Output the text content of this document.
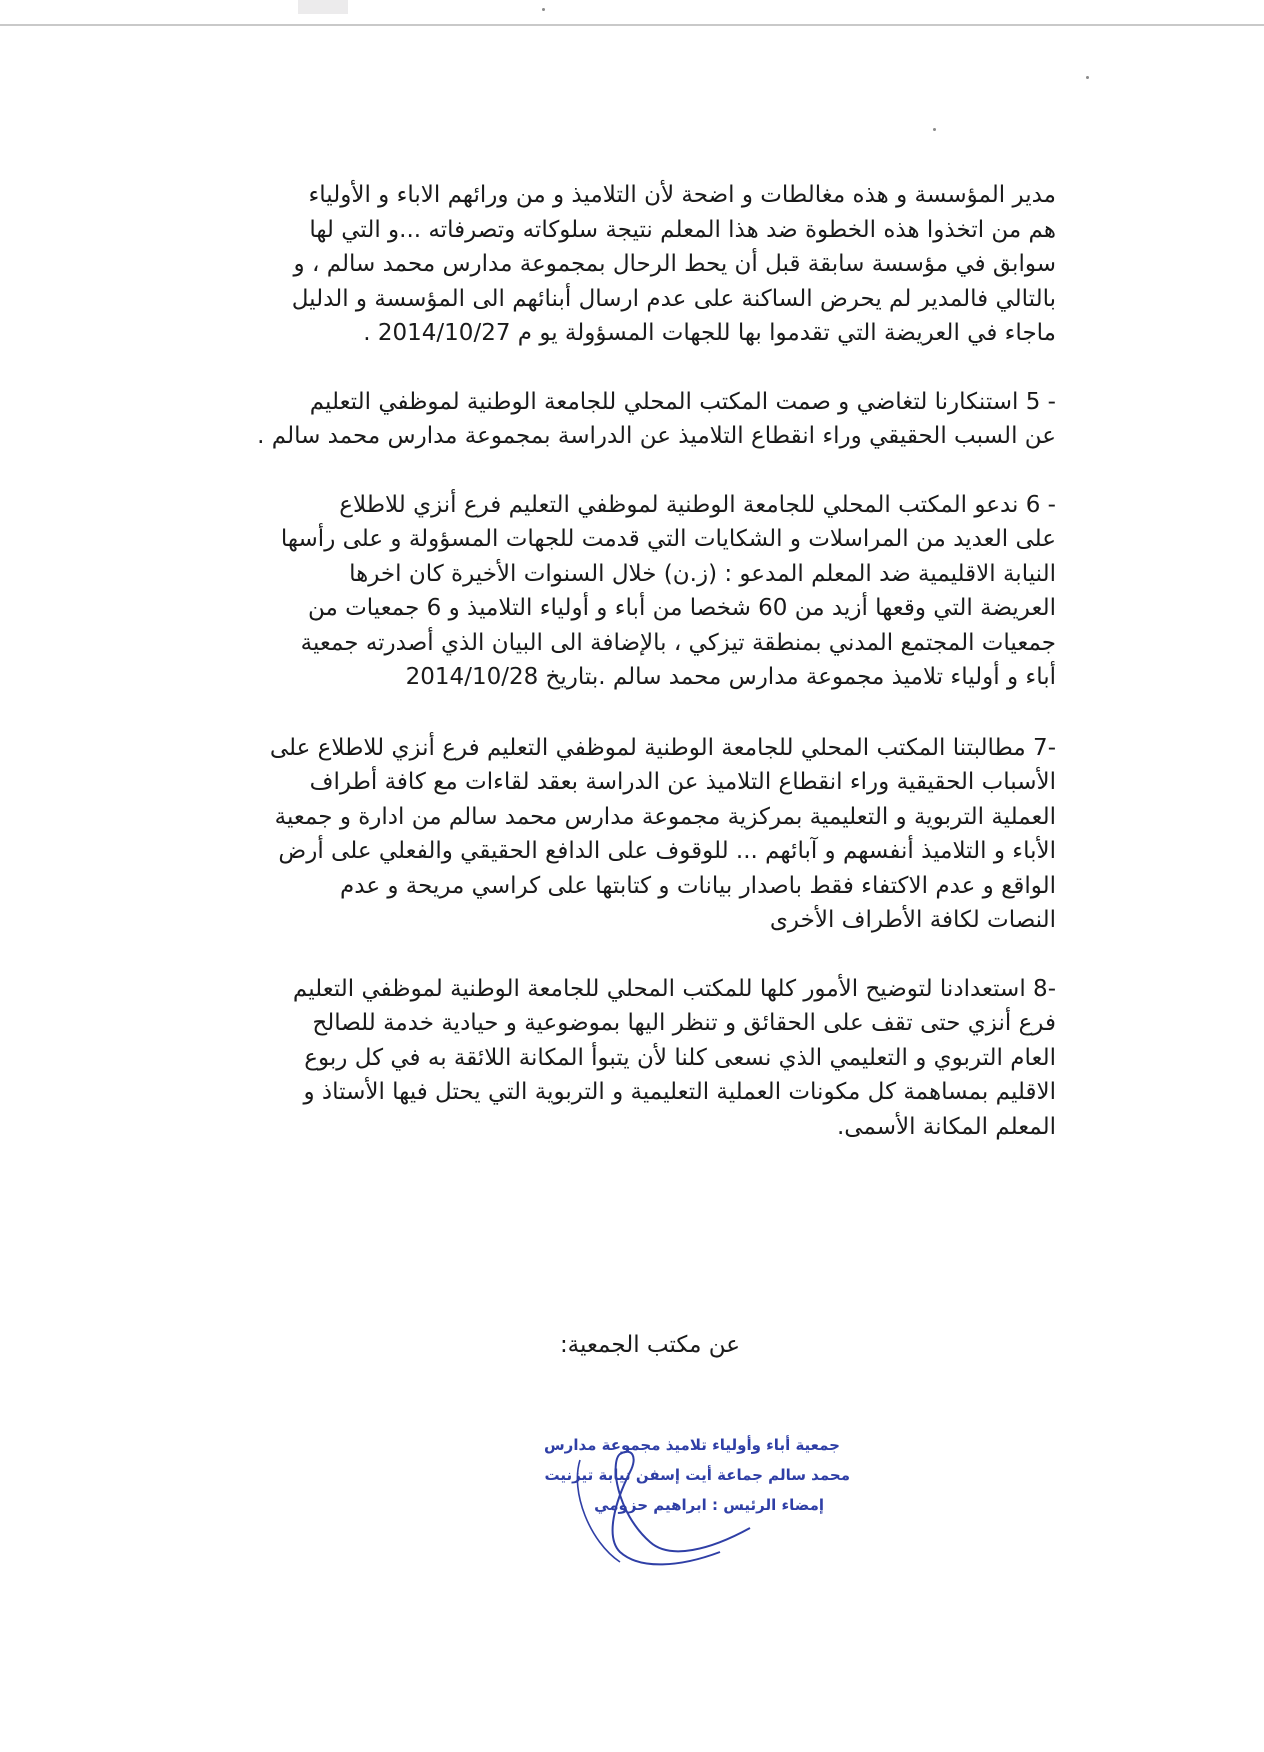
مدير المؤسسة و هذه مغالطات و اضحة لأن التلاميذ و من ورائهم الاباء و الأولياء
هم من اتخذوا هذه الخطوة ضد هذا المعلم نتيجة سلوكاته وتصرفاته ...و التي لها
سوابق في مؤسسة سابقة قبل أن يحط الرحال بمجموعة مدارس محمد سالم ، و
بالتالي فالمدير لم يحرض الساكنة على عدم ارسال أبنائهم الى المؤسسة و الدليل
ماجاء في العريضة التي تقدموا بها للجهات المسؤولة يو م 2014/10/27 .

- 5 استنكارنا لتغاضي و صمت المكتب المحلي للجامعة الوطنية لموظفي التعليم
عن السبب الحقيقي وراء انقطاع التلاميذ عن الدراسة بمجموعة مدارس محمد سالم .

- 6 ندعو المكتب المحلي للجامعة الوطنية لموظفي التعليم فرع أنزي للاطلاع
على العديد من المراسلات و الشكايات التي قدمت للجهات المسؤولة و على رأسها
النيابة الاقليمية ضد المعلم المدعو : (ز.ن) خلال السنوات الأخيرة كان اخرها
العريضة التي وقعها أزيد من 60 شخصا من أباء و أولياء التلاميذ و 6 جمعيات من
جمعيات المجتمع المدني بمنطقة تيزكي ، بالإضافة الى البيان الذي أصدرته جمعية
أباء و أولياء تلاميذ مجموعة مدارس محمد سالم .بتاريخ 2014/10/28

-7 مطالبتنا المكتب المحلي للجامعة الوطنية لموظفي التعليم فرع أنزي للاطلاع على
الأسباب الحقيقية وراء انقطاع التلاميذ عن الدراسة بعقد لقاءات مع كافة أطراف
العملية التربوية و التعليمية بمركزية مجموعة مدارس محمد سالم من ادارة و جمعية
الأباء و التلاميذ أنفسهم و آبائهم ... للوقوف على الدافع الحقيقي والفعلي على أرض
الواقع و عدم الاكتفاء فقط باصدار بيانات و كتابتها على كراسي مريحة و عدم
النصات لكافة الأطراف الأخرى

-8 استعدادنا لتوضيح الأمور كلها للمكتب المحلي للجامعة الوطنية لموظفي التعليم
فرع أنزي حتى تقف على الحقائق و تنظر اليها بموضوعية و حيادية خدمة للصالح
العام التربوي و التعليمي الذي نسعى كلنا لأن يتبوأ المكانة اللائقة به في كل ربوع
الاقليم بمساهمة كل مكونات العملية التعليمية و التربوية التي يحتل فيها الأستاذ و
المعلم المكانة الأسمى.

عن مكتب الجمعية:
جمعية أباء وأولياء تلاميذ مجموعة مدارس
محمد سالم جماعة أيت إسفن نيابة تيزنيت
إمضاء الرئيس : ابراهيم حزومي
